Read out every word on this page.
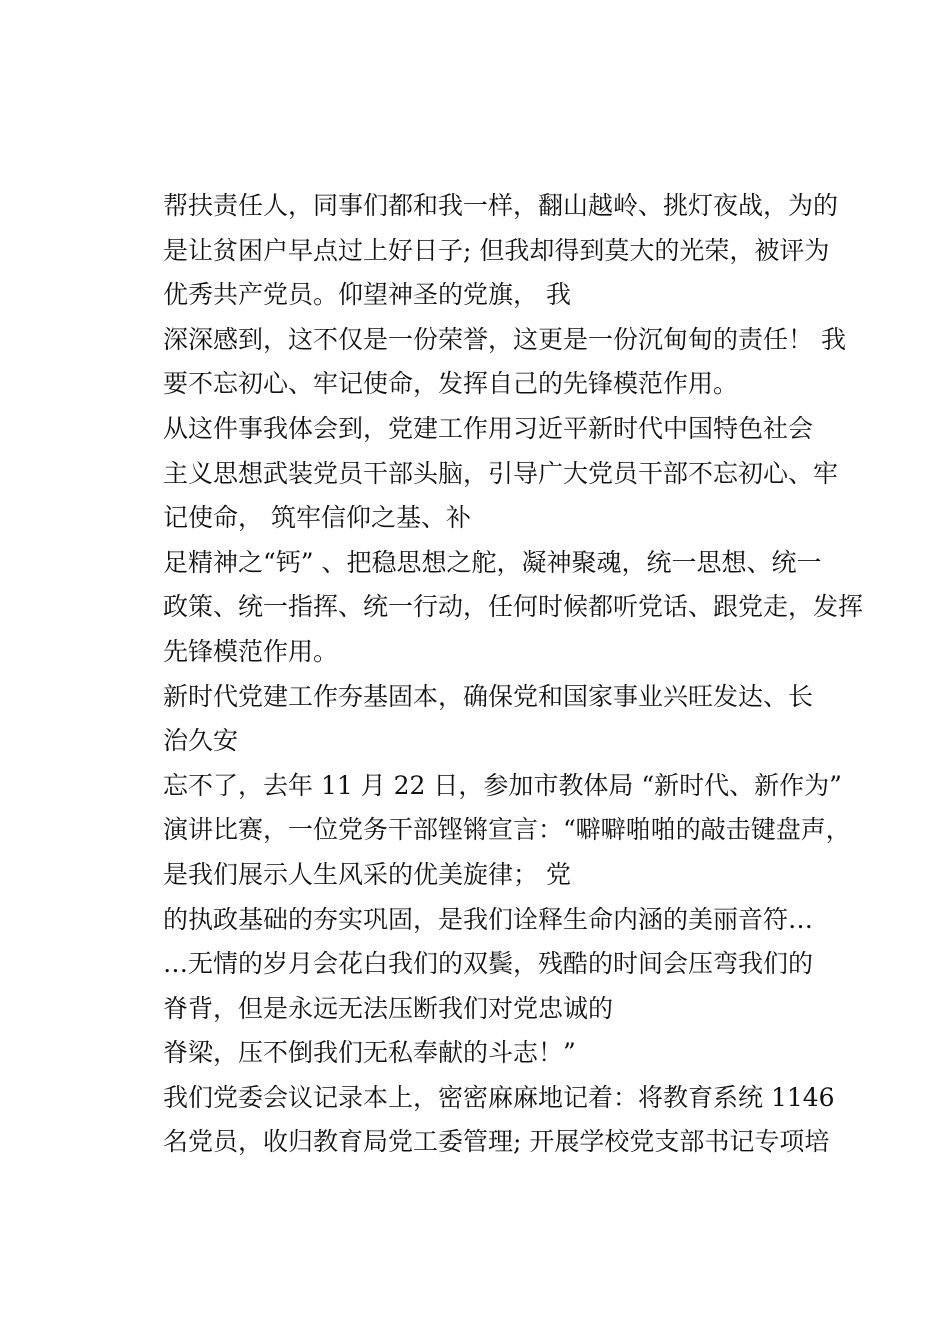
帮扶责任人，同事们都和我一样，翻山越岭、挑灯夜战，为的
是让贫困户早点过上好日子; 但我却得到莫大的光荣，被评为
优秀共产党员。仰望神圣的党旗， 我
深深感到，这不仅是一份荣誉，这更是一份沉甸甸的责任！ 我
要不忘初心、牢记使命，发挥自己的先锋模范作用。
从这件事我体会到，党建工作用习近平新时代中国特色社会
主义思想武装党员干部头脑，引导广大党员干部不忘初心、牢
记使命， 筑牢信仰之基、补
足精神之“钙” 、把稳思想之舵，凝神聚魂，统一思想、统一
政策、统一指挥、统一行动，任何时候都听党话、跟党走，发挥
先锋模范作用。
新时代党建工作夯基固本，确保党和国家事业兴旺发达、长
治久安
忘不了，去年 11 月 22 日，参加市教体局 “新时代、新作为”
演讲比赛，一位党务干部铿锵宣言：“噼噼啪啪的敲击键盘声，
是我们展示人生风采的优美旋律； 党
的执政基础的夯实巩固，是我们诠释生命内涵的美丽音符…
…无情的岁月会花白我们的双鬓，残酷的时间会压弯我们的
脊背，但是永远无法压断我们对党忠诚的
脊梁，压不倒我们无私奉献的斗志！”
我们党委会议记录本上，密密麻麻地记着：将教育系统 1146
名党员，收归教育局党工委管理; 开展学校党支部书记专项培
